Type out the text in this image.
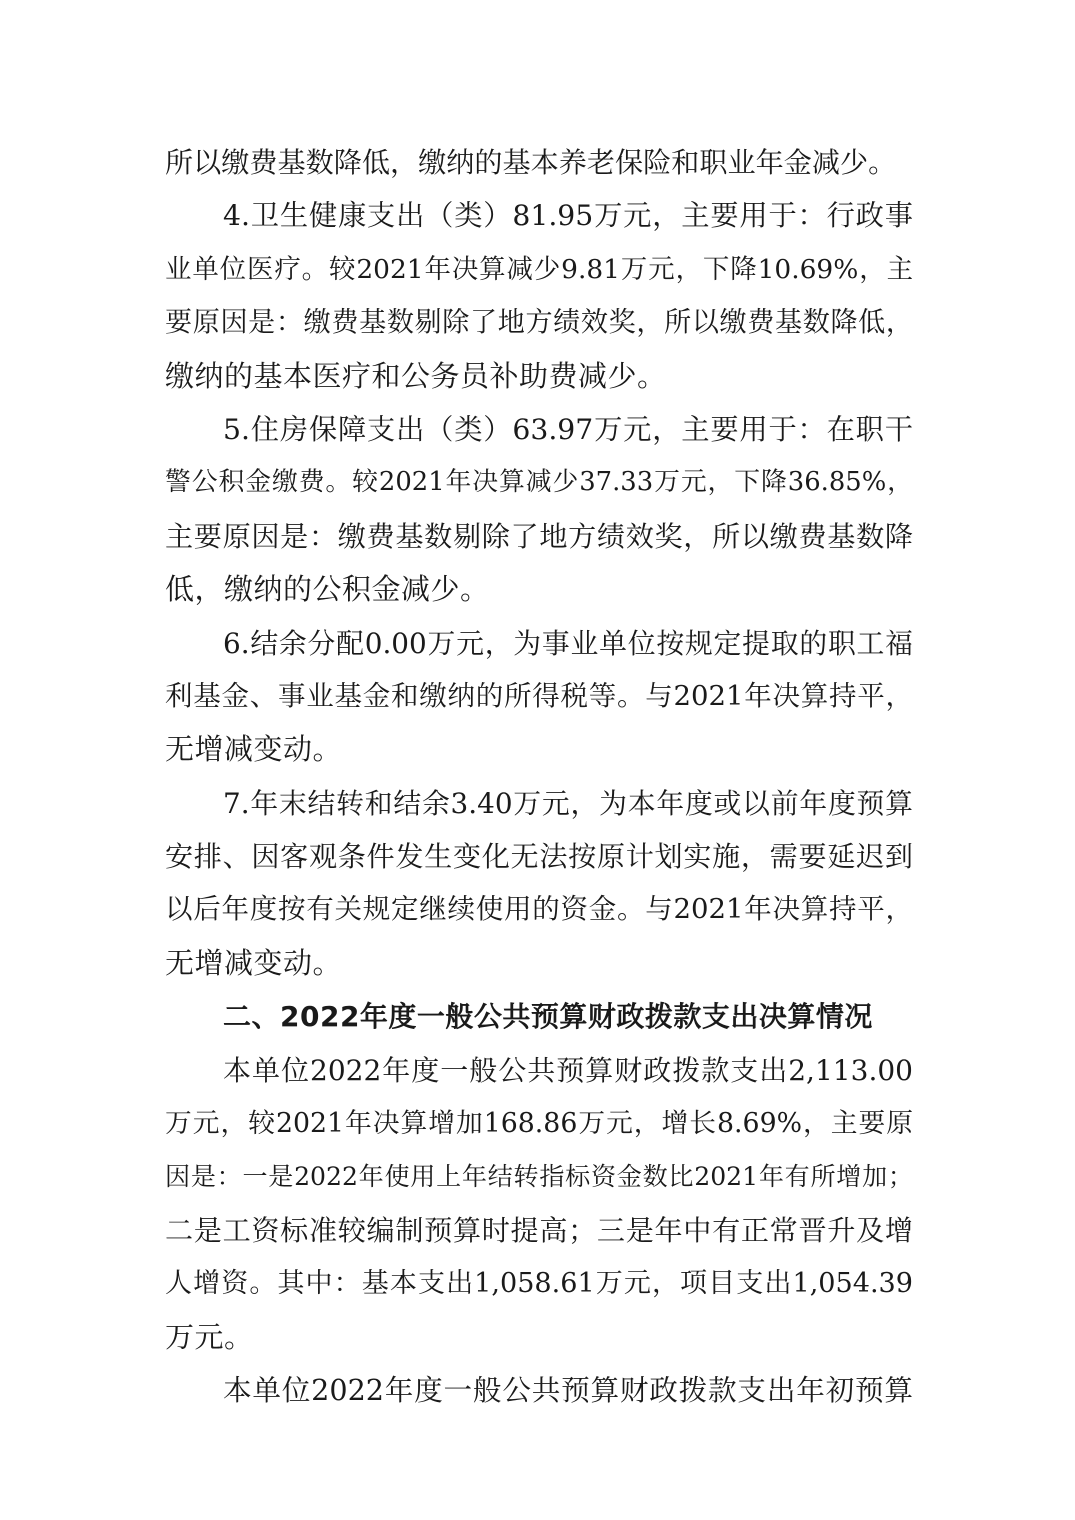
所以缴费基数降低，缴纳的基本养老保险和职业年金减少。
4.卫生健康支出（类）81.95万元，主要用于：行政事
业单位医疗。较2021年决算减少9.81万元，下降10.69%，主
要原因是：缴费基数剔除了地方绩效奖，所以缴费基数降低，
缴纳的基本医疗和公务员补助费减少。
5.住房保障支出（类）63.97万元，主要用于：在职干
警公积金缴费。较2021年决算减少37.33万元，下降36.85%，
主要原因是：缴费基数剔除了地方绩效奖，所以缴费基数降
低，缴纳的公积金减少。
6.结余分配0.00万元，为事业单位按规定提取的职工福
利基金、事业基金和缴纳的所得税等。与2021年决算持平，
无增减变动。
7.年末结转和结余3.40万元，为本年度或以前年度预算
安排、因客观条件发生变化无法按原计划实施，需要延迟到
以后年度按有关规定继续使用的资金。与2021年决算持平，
无增减变动。
二、2022年度一般公共预算财政拨款支出决算情况
本单位2022年度一般公共预算财政拨款支出2,113.00
万元，较2021年决算增加168.86万元，增长8.69%，主要原
因是：一是2022年使用上年结转指标资金数比2021年有所增加；
二是工资标准较编制预算时提高；三是年中有正常晋升及增
人增资。其中：基本支出1,058.61万元，项目支出1,054.39
万元。
本单位2022年度一般公共预算财政拨款支出年初预算
